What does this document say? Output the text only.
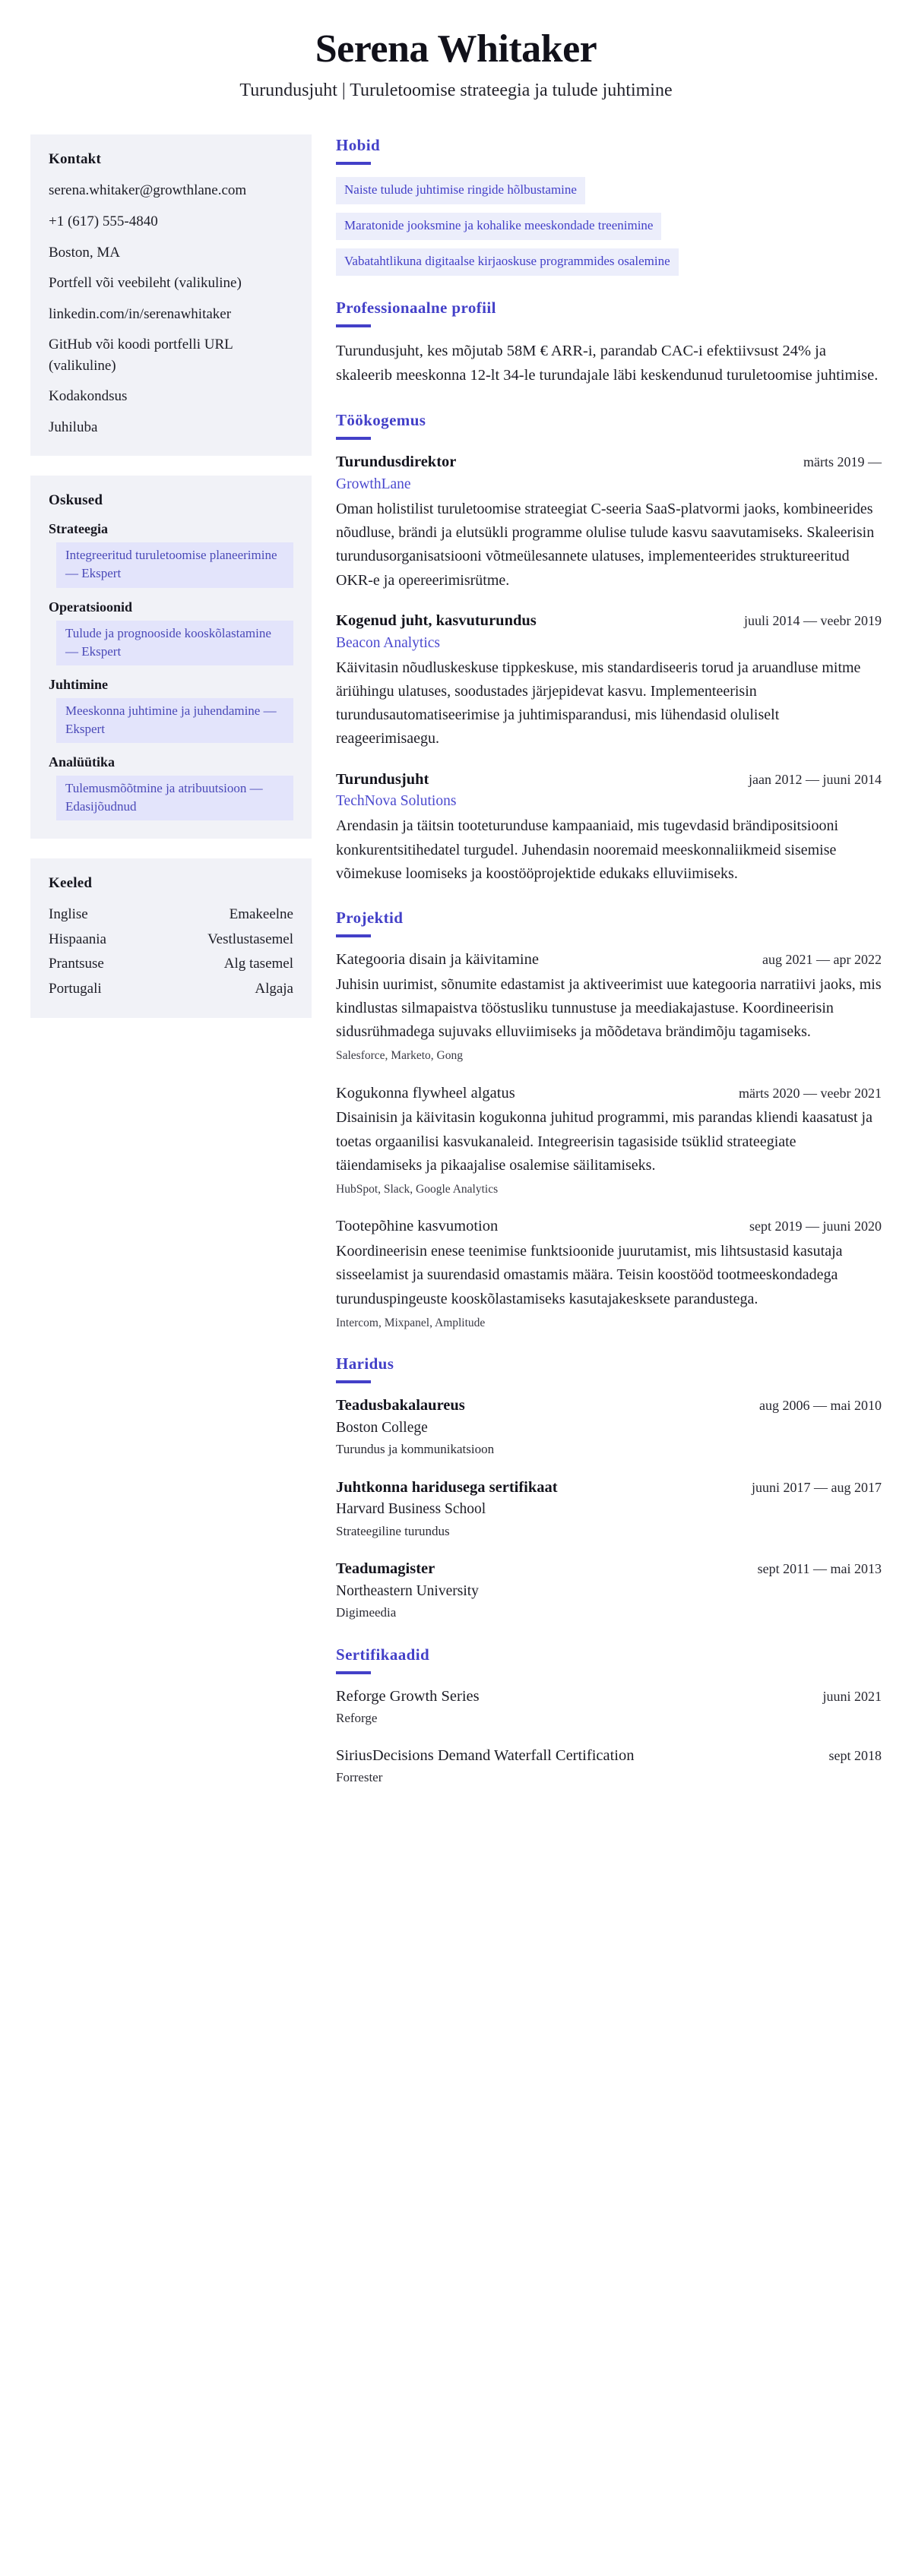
Serena Whitaker
Turundusjuht | Turuletoomise strateegia ja tulude juhtimine
Kontakt
serena.whitaker@growthlane.com
+1 (617) 555-4840
Boston, MA
Portfell või veebileht (valikuline)
linkedin.com/in/serenawhitaker
GitHub või koodi portfelli URL (valikuline)
Kodakondsus
Juhiluba
Oskused
Strateegia
Integreeritud turuletoomise planeerimine — Ekspert
Operatsioonid
Tulude ja prognooside kooskõlastamine — Ekspert
Juhtimine
Meeskonna juhtimine ja juhendamine — Ekspert
Analüütika
Tulemusmõõtmine ja atribuutsioon — Edasijõudnud
Keeled
Inglise	Emakeelne
Hispaania	Vestlustasemel
Prantsuse	Alg tasemel
Portugali	Algaja
Hobid
Naiste tulude juhtimise ringide hõlbustamine
Maratonide jooksmine ja kohalike meeskondade treenimine
Vabatahtlikuna digitaalse kirjaoskuse programmides osalemine
Professionaalne profiil

Turundusjuht, kes mõjutab 58M € ARR-i, parandab CAC-i efektiivsust 24% ja skaleerib meeskonna 12-lt 34-le turundajale läbi keskendunud turuletoomise juhtimise.

Töökogemus
Turundusdirektor	märts 2019 —
GrowthLane
Oman holistilist turuletoomise strateegiat C-seeria SaaS-platvormi jaoks, kombineerides nõudluse, brändi ja elutsükli programme olulise tulude kasvu saavutamiseks. Skaleerisin turundusorganisatsiooni võtmeülesannete ulatuses, implementeerides struktureeritud OKR-e ja opereerimisrütme.
Kogenud juht, kasvuturundus	juuli 2014 — veebr 2019
Beacon Analytics
Käivitasin nõudluskeskuse tippkeskuse, mis standardiseeris torud ja aruandluse mitme äriühingu ulatuses, soodustades järjepidevat kasvu. Implementeerisin turundusautomatiseerimise ja juhtimisparandusi, mis lühendasid oluliselt reageerimisaegu.
Turundusjuht	jaan 2012 — juuni 2014
TechNova Solutions
Arendasin ja täitsin tooteturunduse kampaaniaid, mis tugevdasid brändipositsiooni konkurentsitihedatel turgudel. Juhendasin nooremaid meeskonnaliikmeid sisemise võimekuse loomiseks ja koostööprojektide edukaks elluviimiseks.
Projektid
Kategooria disain ja käivitamine	aug 2021 — apr 2022
Juhisin uurimist, sõnumite edastamist ja aktiveerimist uue kategooria narratiivi jaoks, mis kindlustas silmapaistva tööstusliku tunnustuse ja meediakajastuse. Koordineerisin sidusrühmadega sujuvaks elluviimiseks ja mõõdetava brändimõju tagamiseks.
Salesforce, Marketo, Gong
Kogukonna flywheel algatus	märts 2020 — veebr 2021
Disainisin ja käivitasin kogukonna juhitud programmi, mis parandas kliendi kaasatust ja toetas orgaanilisi kasvukanaleid. Integreerisin tagasiside tsüklid strateegiate täiendamiseks ja pikaajalise osalemise säilitamiseks.
HubSpot, Slack, Google Analytics
Tootepõhine kasvumotion	sept 2019 — juuni 2020
Koordineerisin enese teenimise funktsioonide juurutamist, mis lihtsustasid kasutaja sisseelamist ja suurendasid omastamis määra. Teisin koostööd tootmeeskondadega turunduspingeuste kooskõlastamiseks kasutajakesksete parandustega.
Intercom, Mixpanel, Amplitude
Haridus
Teadusbakalaureus	aug 2006 — mai 2010
Boston College
Turundus ja kommunikatsioon
Juhtkonna haridusega sertifikaat	juuni 2017 — aug 2017
Harvard Business School
Strateegiline turundus
Teadumagister	sept 2011 — mai 2013
Northeastern University
Digimeedia
Sertifikaadid
Reforge Growth Series	juuni 2021
Reforge
SiriusDecisions Demand Waterfall Certification	sept 2018
Forrester
